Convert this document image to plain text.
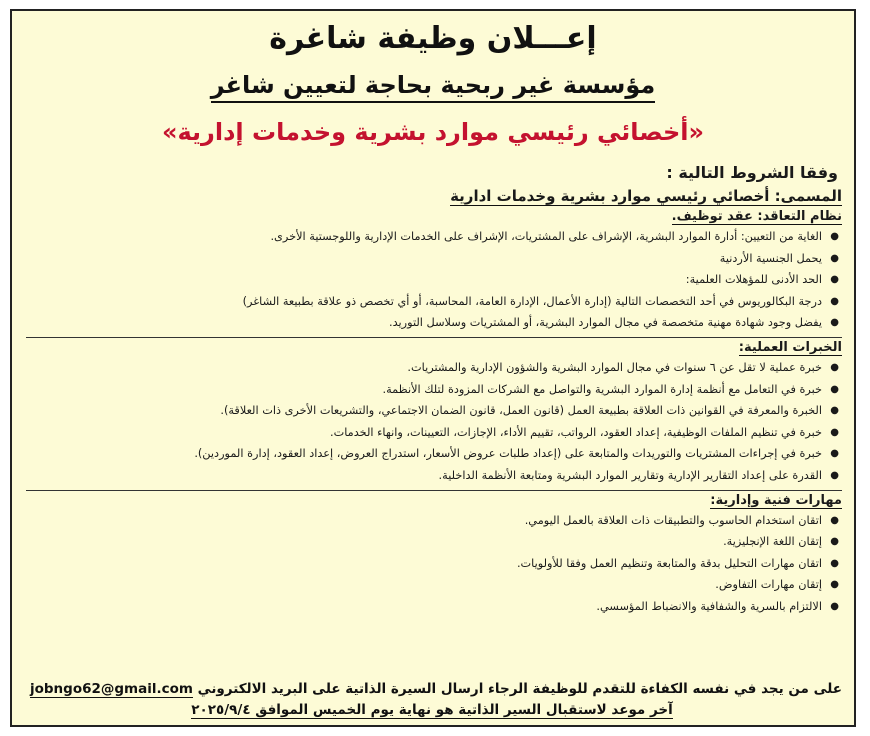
إعـــلان وظيفة شاغرة
مؤسسة غير ربحية بحاجة لتعيين شاغر
«أخصائي رئيسي موارد بشرية وخدمات إدارية»
وفقا الشروط التالية :
المسمى: أخصائي رئيسي موارد بشرية وخدمات ادارية
نظام التعاقد: عقد توظيف.
●
الغاية من التعيين: أدارة الموارد البشرية، الإشراف على المشتريات، الإشراف على الخدمات الإدارية واللوجستية الأخرى.
●
يحمل الجنسية الأردنية
●
الحد الأدنى للمؤهلات العلمية:
●
درجة البكالوريوس في أحد التخصصات التالية (إدارة الأعمال، الإدارة العامة، المحاسبة، أو أي تخصص ذو علاقة بطبيعة الشاغر)
●
يفضل وجود شهادة مهنية متخصصة في مجال الموارد البشرية، أو المشتريات وسلاسل التوريد.
الخبرات العملية:
●
خبرة عملية لا تقل عن ٦ سنوات في مجال الموارد البشرية والشؤون الإدارية والمشتريات.
●
خبرة في التعامل مع أنظمة إدارة الموارد البشرية والتواصل مع الشركات المزودة لتلك الأنظمة.
●
الخبرة والمعرفة في القوانين ذات العلاقة بطبيعة العمل (قانون العمل، قانون الضمان الاجتماعي، والتشريعات الأخرى ذات العلاقة).
●
خبرة في تنظيم الملفات الوظيفية، إعداد العقود، الرواتب، تقييم الأداء، الإجازات، التعيينات، وانهاء الخدمات.
●
خبرة في إجراءات المشتريات والتوريدات والمتابعة على (إعداد طلبات عروض الأسعار، استدراج العروض، إعداد العقود، إدارة الموردين).
●
القدرة على إعداد التقارير الإدارية وتقارير الموارد البشرية ومتابعة الأنظمة الداخلية.
مهارات فنية وإدارية:
●
اتقان استخدام الحاسوب والتطبيقات ذات العلاقة بالعمل اليومي.
●
إتقان اللغة الإنجليزية.
●
اتقان مهارات التحليل بدقة والمتابعة وتنظيم العمل وفقا للأولويات.
●
إتقان مهارات التفاوض.
●
الالتزام بالسرية والشفافية والانضباط المؤسسي.
على من يجد في نفسه الكفاءة للتقدم للوظيفة الرجاء ارسال السيرة الذاتية على البريد الالكتروني jobngo62@gmail.com
آخر موعد لاستقبال السير الذاتية هو نهاية يوم الخميس الموافق ٢٠٢٥/٩/٤
